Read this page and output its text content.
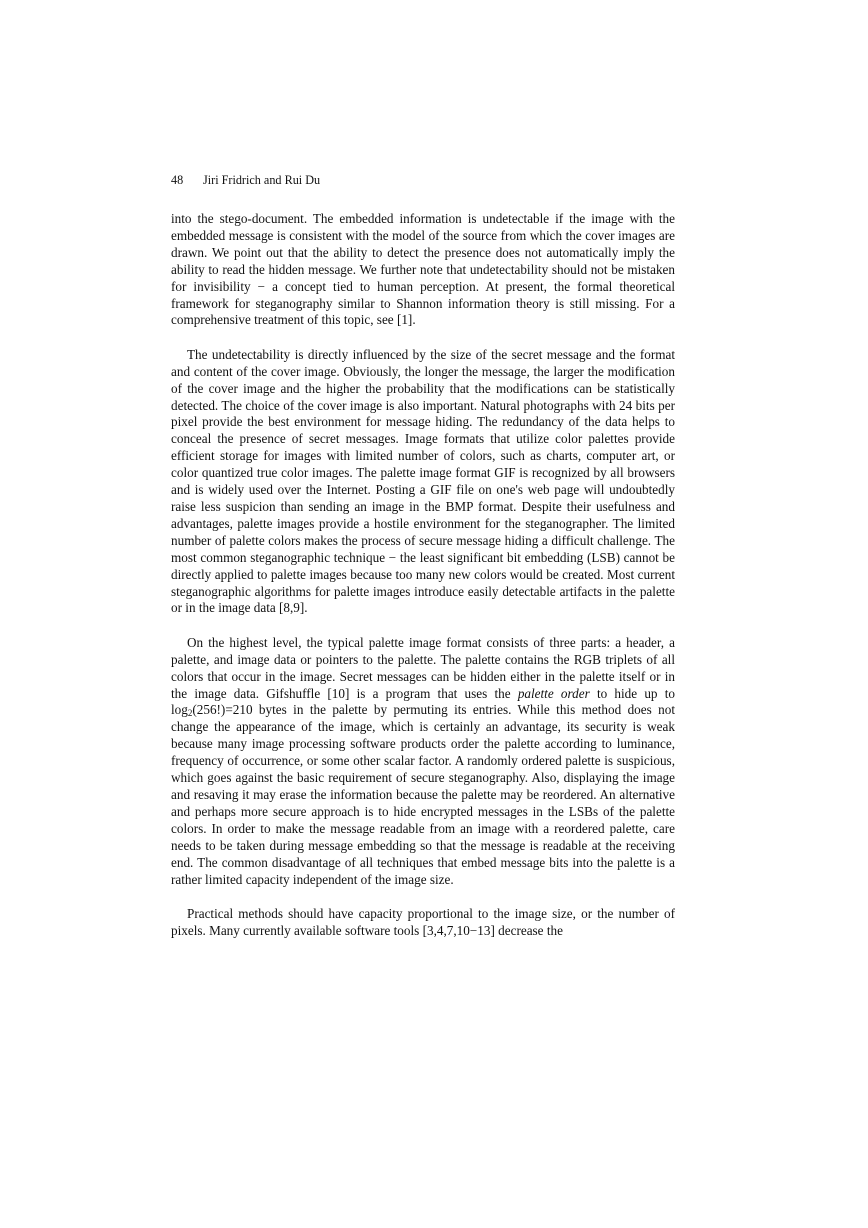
48 Jiri Fridrich and Rui Du

into the stego-document. The embedded information is undetectable if the image with the embedded message is consistent with the model of the source from which the cover images are drawn. We point out that the ability to detect the presence does not automatically imply the ability to read the hidden message. We further note that undetectability should not be mistaken for invisibility − a concept tied to human perception. At present, the formal theoretical framework for steganography similar to Shannon information theory is still missing. For a comprehensive treatment of this topic, see [1].

The undetectability is directly influenced by the size of the secret message and the format and content of the cover image. Obviously, the longer the message, the larger the modification of the cover image and the higher the probability that the modifications can be statistically detected. The choice of the cover image is also important. Natural photographs with 24 bits per pixel provide the best environment for message hiding. The redundancy of the data helps to conceal the presence of secret messages. Image formats that utilize color palettes provide efficient storage for images with limited number of colors, such as charts, computer art, or color quantized true color images. The palette image format GIF is recognized by all browsers and is widely used over the Internet. Posting a GIF file on one's web page will undoubtedly raise less suspicion than sending an image in the BMP format. Despite their usefulness and advantages, palette images provide a hostile environment for the steganographer. The limited number of palette colors makes the process of secure message hiding a difficult challenge. The most common steganographic technique − the least significant bit embedding (LSB) cannot be directly applied to palette images because too many new colors would be created. Most current steganographic algorithms for palette images introduce easily detectable artifacts in the palette or in the image data [8,9].

On the highest level, the typical palette image format consists of three parts: a header, a palette, and image data or pointers to the palette. The palette contains the RGB triplets of all colors that occur in the image. Secret messages can be hidden either in the palette itself or in the image data. Gifshuffle [10] is a program that uses the palette order to hide up to $\log_2(256!)=210$ bytes in the palette by permuting its entries. While this method does not change the appearance of the image, which is certainly an advantage, its security is weak because many image processing software products order the palette according to luminance, frequency of occurrence, or some other scalar factor. A randomly ordered palette is suspicious, which goes against the basic requirement of secure steganography. Also, displaying the image and resaving it may erase the information because the palette may be reordered. An alternative and perhaps more secure approach is to hide encrypted messages in the LSBs of the palette colors. In order to make the message readable from an image with a reordered palette, care needs to be taken during message embedding so that the message is readable at the receiving end. The common disadvantage of all techniques that embed message bits into the palette is a rather limited capacity independent of the image size.

Practical methods should have capacity proportional to the image size, or the number of pixels. Many currently available software tools [3,4,7,10−13] decrease the
